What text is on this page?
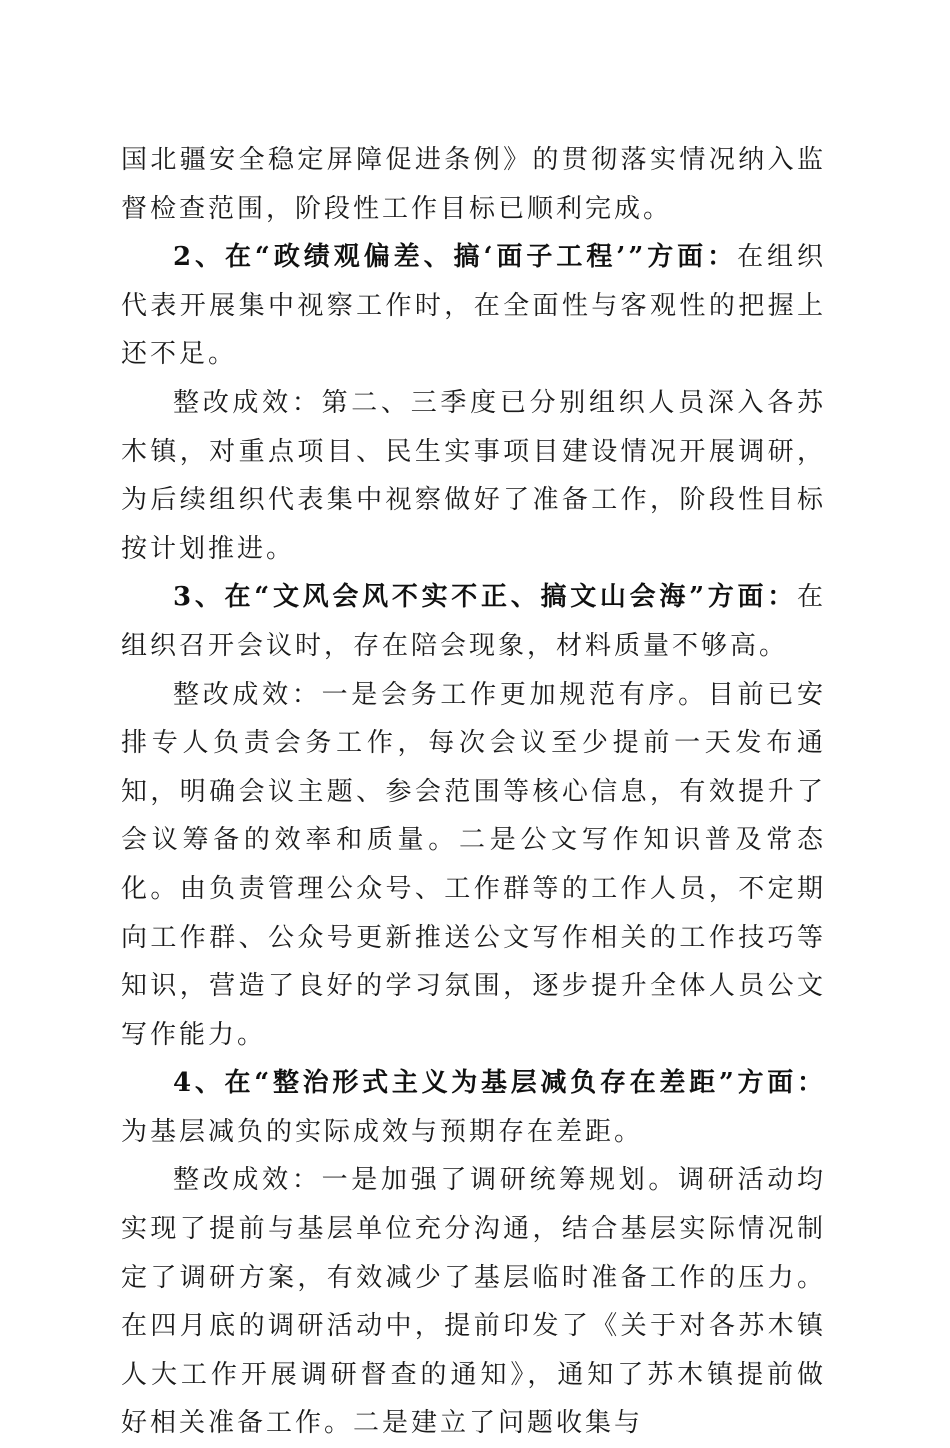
国北疆安全稳定屏障促进条例》的贯彻落实情况纳入监督检查范围，阶段性工作目标已顺利完成。

2、在“政绩观偏差、搞‘面子工程’”方面：在组织代表开展集中视察工作时，在全面性与客观性的把握上还不足。

整改成效：第二、三季度已分别组织人员深入各苏木镇，对重点项目、民生实事项目建设情况开展调研，为后续组织代表集中视察做好了准备工作，阶段性目标按计划推进。

3、在“文风会风不实不正、搞文山会海”方面：在组织召开会议时，存在陪会现象，材料质量不够高。

整改成效：一是会务工作更加规范有序。目前已安排专人负责会务工作，每次会议至少提前一天发布通知，明确会议主题、参会范围等核心信息，有效提升了会议筹备的效率和质量。二是公文写作知识普及常态化。由负责管理公众号、工作群等的工作人员，不定期向工作群、公众号更新推送公文写作相关的工作技巧等知识，营造了良好的学习氛围，逐步提升全体人员公文写作能力。

4、在“整治形式主义为基层减负存在差距”方面：为基层减负的实际成效与预期存在差距。

整改成效：一是加强了调研统筹规划。调研活动均实现了提前与基层单位充分沟通，结合基层实际情况制定了调研方案，有效减少了基层临时准备工作的压力。在四月底的调研活动中，提前印发了《关于对各苏木镇人大工作开展调研督查的通知》，通知了苏木镇提前做好相关准备工作。二是建立了问题收集与
